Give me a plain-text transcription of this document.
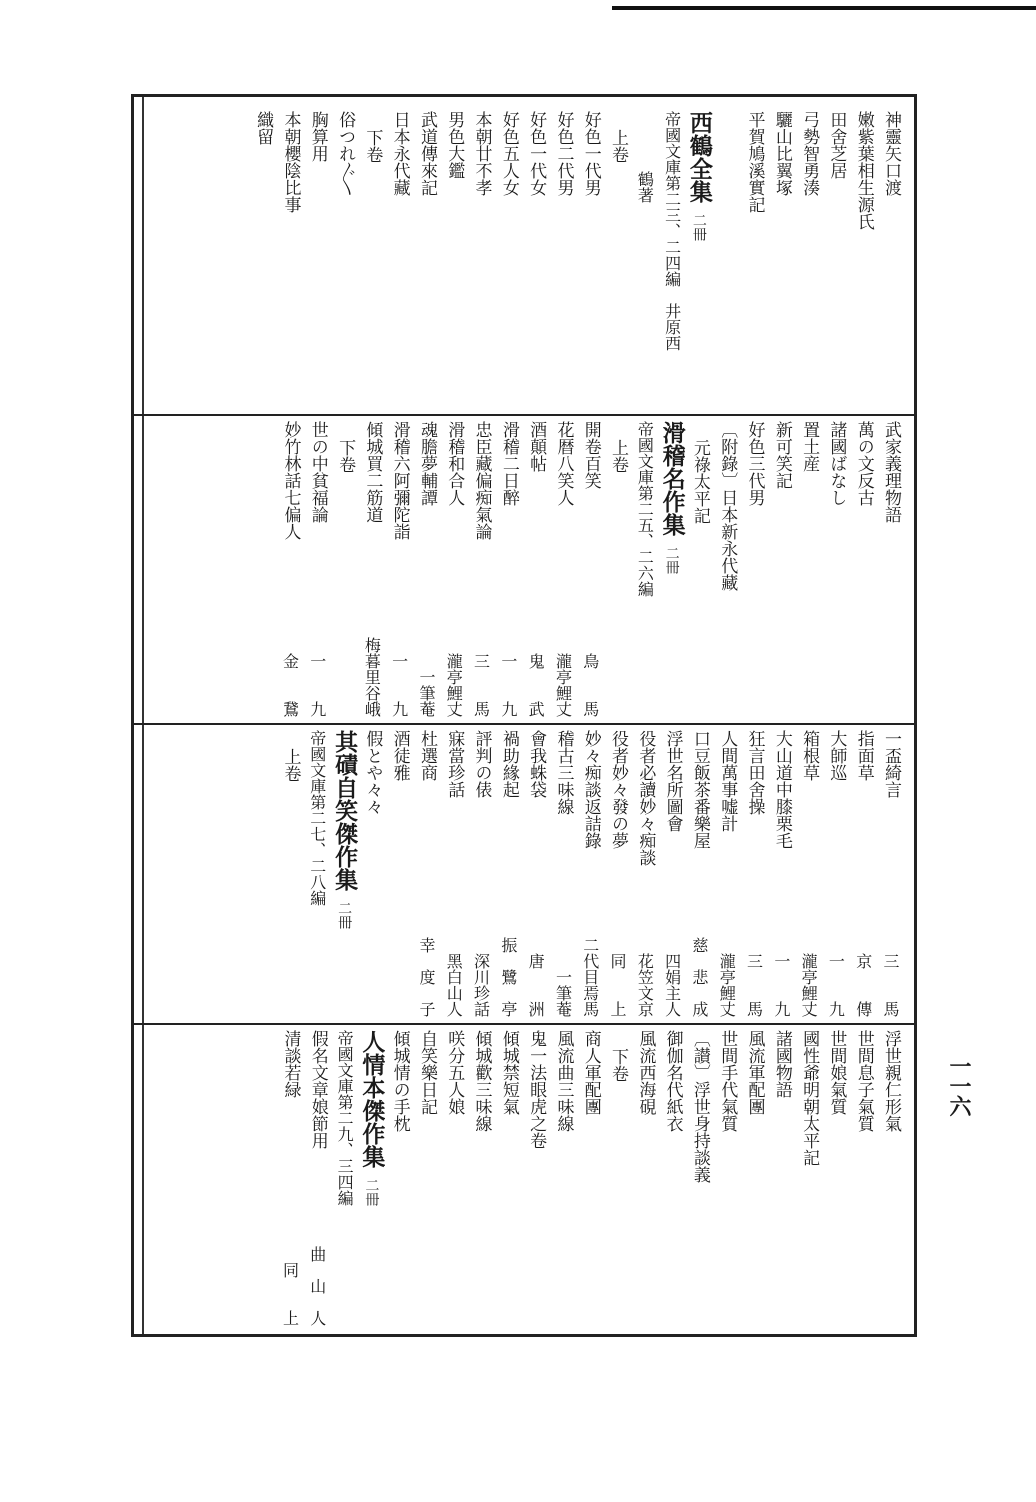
一一六
神靈矢口渡
嫩紫葉相生源氏
田舍芝居
弓勢智勇湊
驪山比翼塚
平賀鳩溪實記
西鶴全集二冊
帝國文庫第二三、二四編　井原西
鶴著
上卷
好色一代男
好色二代男
好色一代女
好色五人女
本朝廿不孝
男色大鑑
武道傳來記
日本永代藏
下卷
俗つれ〴〵
胸算用
本朝櫻陰比事
織留
武家義理物語
萬の文反古
諸國ばなし
置土産
新可笑記
好色三代男
〔附錄〕日本新永代藏
元祿太平記
滑稽名作集二冊
帝國文庫第二五、二六編
上卷
開卷百笑
鳥　　馬
花暦八笑人
瀧亭鯉丈
酒顛帖
鬼　　武
滑稽二日醉
一　　九
忠臣藏偏痴氣論
三　　馬
滑稽和合人
瀧亭鯉丈
魂膽夢輔譚
一筆菴
滑稽六阿彌陀詣
一　　九
傾城買二筋道
梅暮里谷峨
下卷
世の中貧福論
一　　九
妙竹林話七偏人
金　　鵞
一盃綺言
三　　馬
指面草
京　　傳
大師巡
一　　九
箱根草
瀧亭鯉丈
大山道中膝栗毛
一　　九
狂言田舍操
三　　馬
人間萬事嘘計
瀧亭鯉丈
口豆飯茶番樂屋
慈　悲　成
浮世名所圖會
四娟主人
役者必讀妙々痴談
花笠文京
役者妙々發の夢
同　　上
妙々痴談返詰錄
二代目焉馬
稽古三味線
一筆菴
會我蛛袋
唐　　洲
禍助緣起
振　鷺　亭
評判の俵
深川珍話
寐當珍話
黑白山人
杜選商
幸　度　子
酒徒雅
假とや々々
其磧自笑傑作集二冊
帝國文庫第二七、二八編
上卷
浮世親仁形氣
世間息子氣質
世間娘氣質
國性爺明朝太平記
諸國物語
風流軍配團
世間手代氣質
〔讃〕浮世身持談義
御伽名代紙衣
風流西海硯
下卷
商人軍配團
風流曲三味線
鬼一法眼虎之卷
傾城禁短氣
傾城歡三味線
咲分五人娘
自笑樂日記
傾城情の手枕
人情本傑作集二冊
帝國文庫第二九、三四編
假名文章娘節用
曲　山　人
清談若緑
同　　上
